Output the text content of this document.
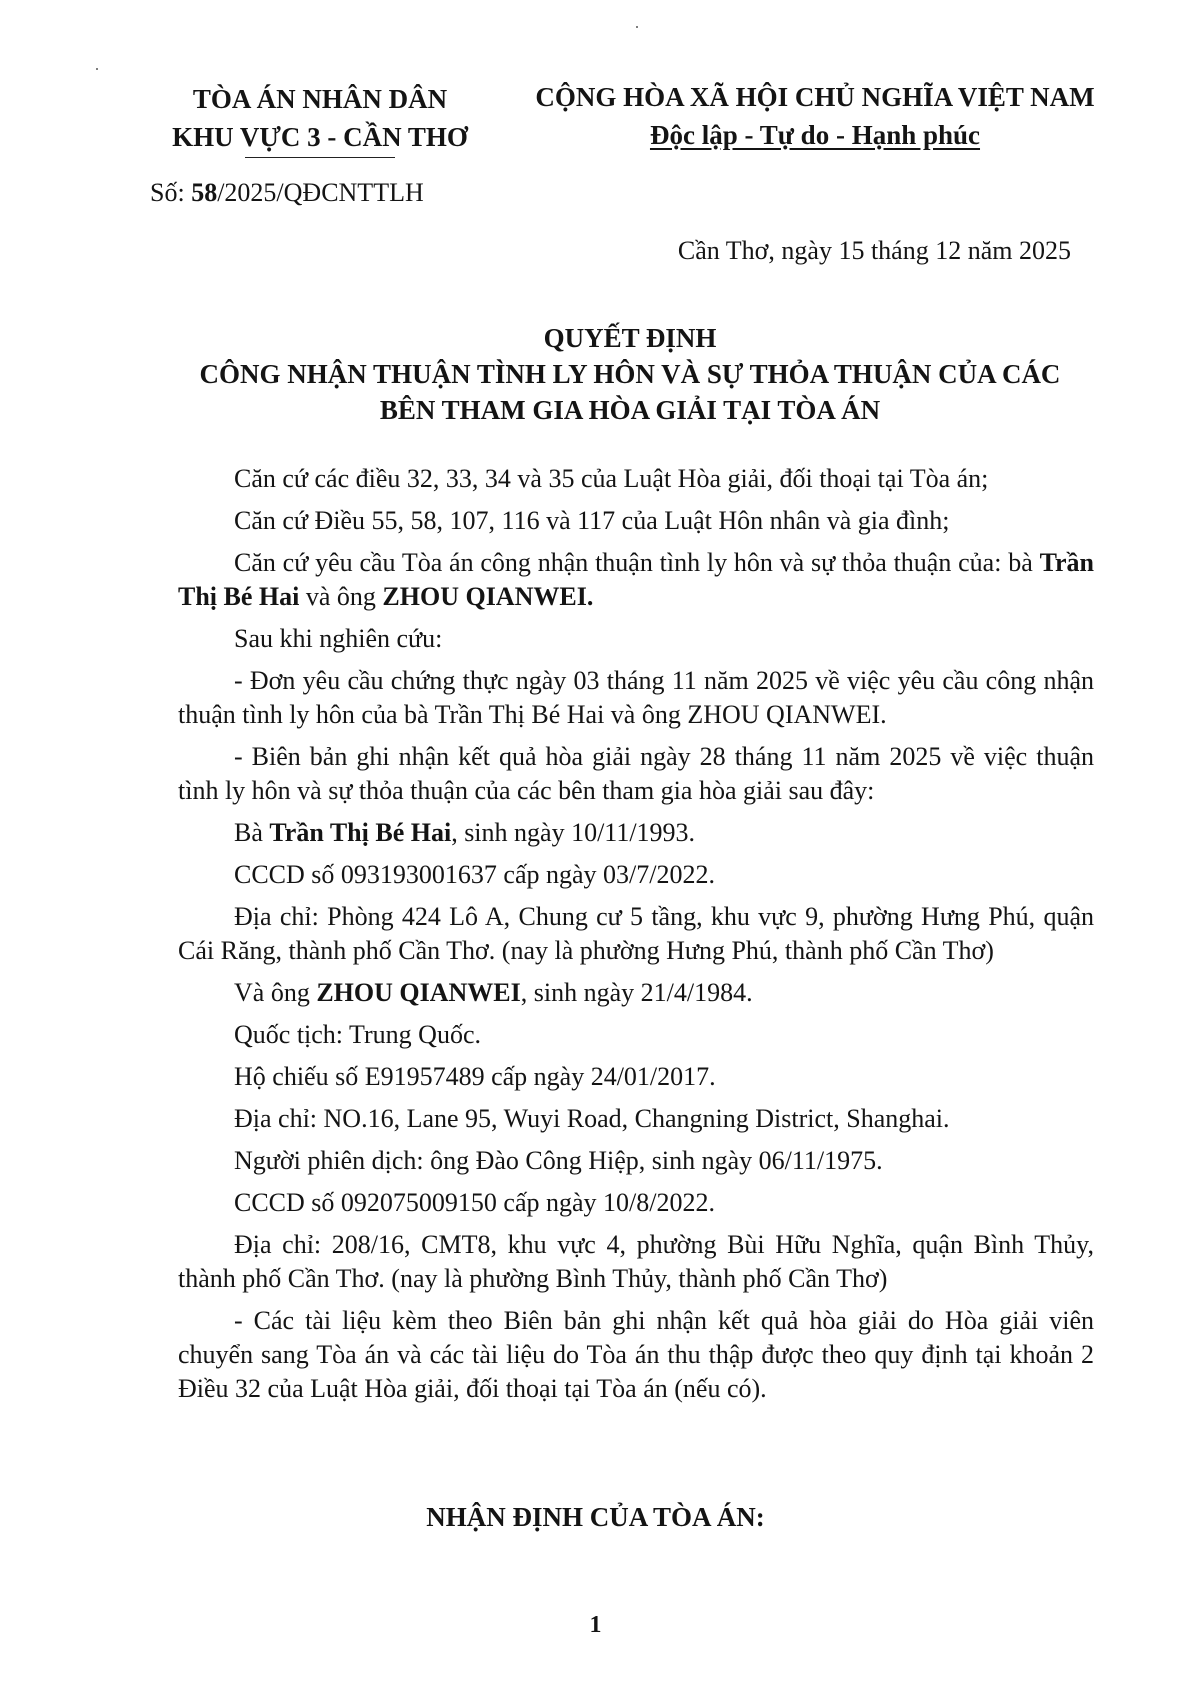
TÒA ÁN NHÂN DÂN
KHU VỰC 3 - CẦN THƠ
CỘNG HÒA XÃ HỘI CHỦ NGHĨA VIỆT NAM
Độc lập - Tự do - Hạnh phúc
Số: 58/2025/QĐCNTTLH
Cần Thơ, ngày 15 tháng 12 năm 2025
QUYẾT ĐỊNH
CÔNG NHẬN THUẬN TÌNH LY HÔN VÀ SỰ THỎA THUẬN CỦA CÁC
BÊN THAM GIA HÒA GIẢI TẠI TÒA ÁN

Căn cứ các điều 32, 33, 34 và 35 của Luật Hòa giải, đối thoại tại Tòa án;

Căn cứ Điều 55, 58, 107, 116 và 117 của Luật Hôn nhân và gia đình;

Căn cứ yêu cầu Tòa án công nhận thuận tình ly hôn và sự thỏa thuận của: bà Trần Thị Bé Hai và ông ZHOU QIANWEI.

Sau khi nghiên cứu:

- Đơn yêu cầu chứng thực ngày 03 tháng 11 năm 2025 về việc yêu cầu công nhận thuận tình ly hôn của bà Trần Thị Bé Hai và ông ZHOU QIANWEI.

- Biên bản ghi nhận kết quả hòa giải ngày 28 tháng 11 năm 2025 về việc thuận tình ly hôn và sự thỏa thuận của các bên tham gia hòa giải sau đây:

Bà Trần Thị Bé Hai, sinh ngày 10/11/1993.

CCCD số 093193001637 cấp ngày 03/7/2022.

Địa chỉ: Phòng 424 Lô A, Chung cư 5 tầng, khu vực 9, phường Hưng Phú, quận Cái Răng, thành phố Cần Thơ. (nay là phường Hưng Phú, thành phố Cần Thơ)

Và ông ZHOU QIANWEI, sinh ngày 21/4/1984.

Quốc tịch: Trung Quốc.

Hộ chiếu số E91957489 cấp ngày 24/01/2017.

Địa chỉ: NO.16, Lane 95, Wuyi Road, Changning District, Shanghai.

Người phiên dịch: ông Đào Công Hiệp, sinh ngày 06/11/1975.

CCCD số 092075009150 cấp ngày 10/8/2022.

Địa chỉ: 208/16, CMT8, khu vực 4, phường Bùi Hữu Nghĩa, quận Bình Thủy, thành phố Cần Thơ. (nay là phường Bình Thủy, thành phố Cần Thơ)

- Các tài liệu kèm theo Biên bản ghi nhận kết quả hòa giải do Hòa giải viên chuyển sang Tòa án và các tài liệu do Tòa án thu thập được theo quy định tại khoản 2 Điều 32 của Luật Hòa giải, đối thoại tại Tòa án (nếu có).

NHẬN ĐỊNH CỦA TÒA ÁN:
1
